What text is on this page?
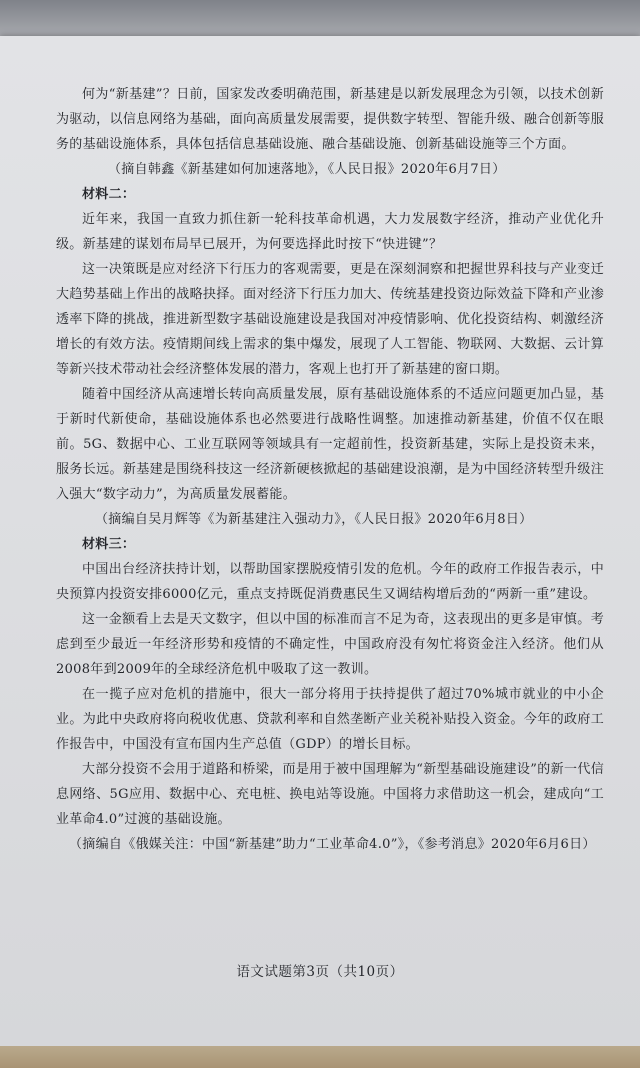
何为“新基建”？日前，国家发改委明确范围，新基建是以新发展理念为引领，以技术创新为驱动，以信息网络为基础，面向高质量发展需要，提供数字转型、智能升级、融合创新等服务的基础设施体系，具体包括信息基础设施、融合基础设施、创新基础设施等三个方面。

（摘自韩鑫《新基建如何加速落地》，《人民日报》2020年6月7日）

材料二：

近年来，我国一直致力抓住新一轮科技革命机遇，大力发展数字经济，推动产业优化升级。新基建的谋划布局早已展开，为何要选择此时按下“快进键”？

这一决策既是应对经济下行压力的客观需要，更是在深刻洞察和把握世界科技与产业变迁大趋势基础上作出的战略抉择。面对经济下行压力加大、传统基建投资边际效益下降和产业渗透率下降的挑战，推进新型数字基础设施建设是我国对冲疫情影响、优化投资结构、刺激经济增长的有效方法。疫情期间线上需求的集中爆发，展现了人工智能、物联网、大数据、云计算等新兴技术带动社会经济整体发展的潜力，客观上也打开了新基建的窗口期。

随着中国经济从高速增长转向高质量发展，原有基础设施体系的不适应问题更加凸显，基于新时代新使命，基础设施体系也必然要进行战略性调整。加速推动新基建，价值不仅在眼前。5G、数据中心、工业互联网等领域具有一定超前性，投资新基建，实际上是投资未来，服务长远。新基建是围绕科技这一经济新硬核掀起的基础建设浪潮，是为中国经济转型升级注入强大“数字动力”，为高质量发展蓄能。

（摘编自吴月辉等《为新基建注入强动力》，《人民日报》2020年6月8日）

材料三：

中国出台经济扶持计划，以帮助国家摆脱疫情引发的危机。今年的政府工作报告表示，中央预算内投资安排6000亿元，重点支持既促消费惠民生又调结构增后劲的“两新一重”建设。

这一金额看上去是天文数字，但以中国的标准而言不足为奇，这表现出的更多是审慎。考虑到至少最近一年经济形势和疫情的不确定性，中国政府没有匆忙将资金注入经济。他们从2008年到2009年的全球经济危机中吸取了这一教训。

在一揽子应对危机的措施中，很大一部分将用于扶持提供了超过70%城市就业的中小企业。为此中央政府将向税收优惠、贷款利率和自然垄断产业关税补贴投入资金。今年的政府工作报告中，中国没有宣布国内生产总值（GDP）的增长目标。

大部分投资不会用于道路和桥梁，而是用于被中国理解为“新型基础设施建设”的新一代信息网络、5G应用、数据中心、充电桩、换电站等设施。中国将力求借助这一机会，建成向“工业革命4.0”过渡的基础设施。

（摘编自《俄媒关注：中国“新基建”助力“工业革命4.0”》，《参考消息》2020年6月6日）

语文试题第3页（共10页）
